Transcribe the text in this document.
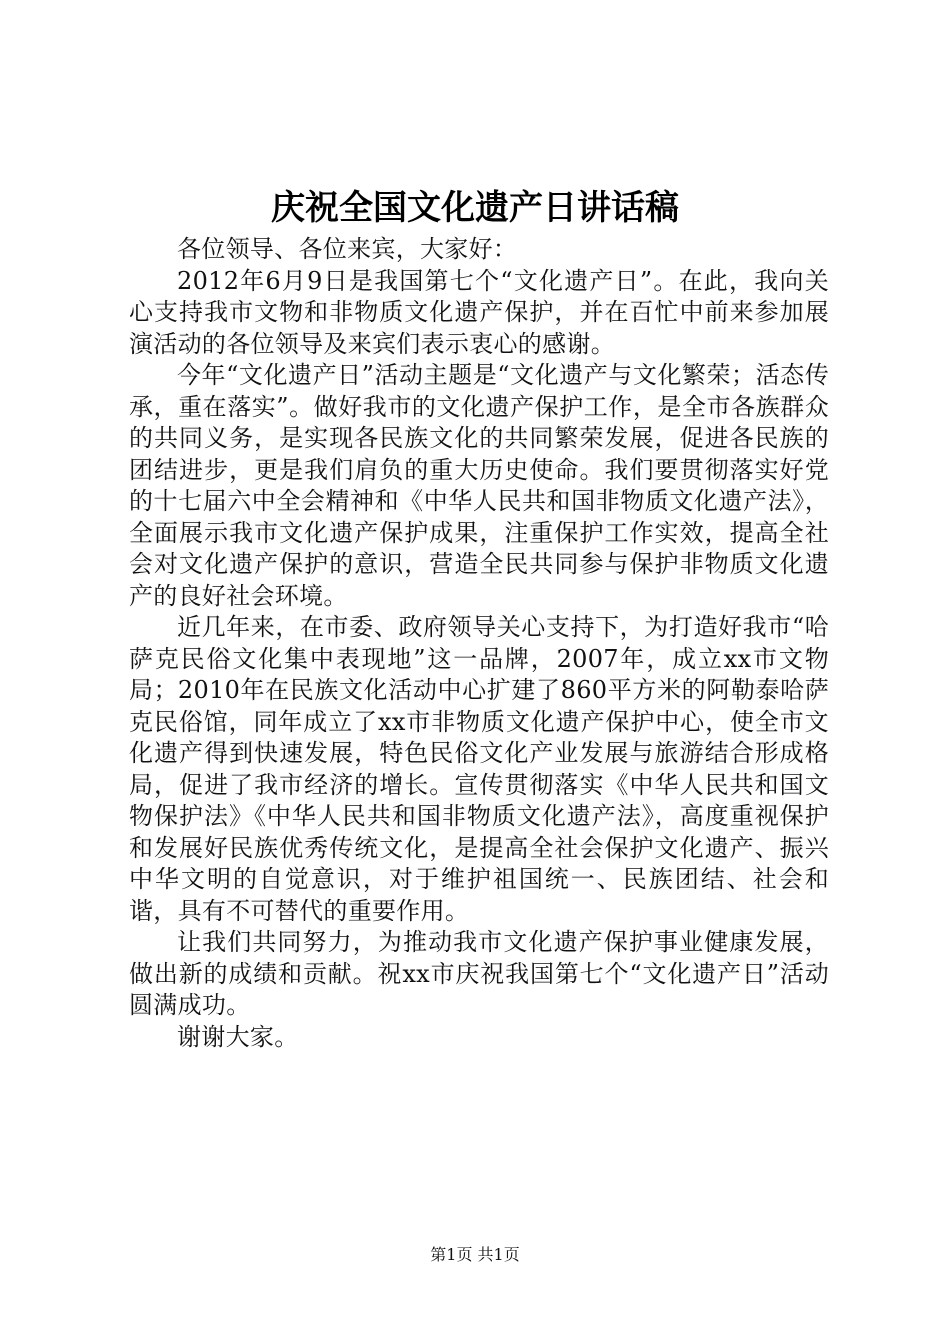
庆祝全国文化遗产日讲话稿

各位领导、各位来宾，大家好：

2012年6月9日是我国第七个“文化遗产日”。在此，我向关心支持我市文物和非物质文化遗产保护，并在百忙中前来参加展演活动的各位领导及来宾们表示衷心的感谢。

今年“文化遗产日”活动主题是“文化遗产与文化繁荣；活态传承，重在落实”。做好我市的文化遗产保护工作，是全市各族群众的共同义务，是实现各民族文化的共同繁荣发展，促进各民族的团结进步，更是我们肩负的重大历史使命。我们要贯彻落实好党的十七届六中全会精神和《中华人民共和国非物质文化遗产法》，全面展示我市文化遗产保护成果，注重保护工作实效，提高全社会对文化遗产保护的意识，营造全民共同参与保护非物质文化遗产的良好社会环境。

近几年来，在市委、政府领导关心支持下，为打造好我市“哈萨克民俗文化集中表现地”这一品牌，2007年，成立xx市文物局；2010年在民族文化活动中心扩建了860平方米的阿勒泰哈萨克民俗馆，同年成立了xx市非物质文化遗产保护中心，使全市文化遗产得到快速发展，特色民俗文化产业发展与旅游结合形成格局，促进了我市经济的增长。宣传贯彻落实《中华人民共和国文物保护法》《中华人民共和国非物质文化遗产法》，高度重视保护和发展好民族优秀传统文化，是提高全社会保护文化遗产、振兴中华文明的自觉意识，对于维护祖国统一、民族团结、社会和谐，具有不可替代的重要作用。

让我们共同努力，为推动我市文化遗产保护事业健康发展，做出新的成绩和贡献。祝xx市庆祝我国第七个“文化遗产日”活动圆满成功。

谢谢大家。

第1页 共1页
